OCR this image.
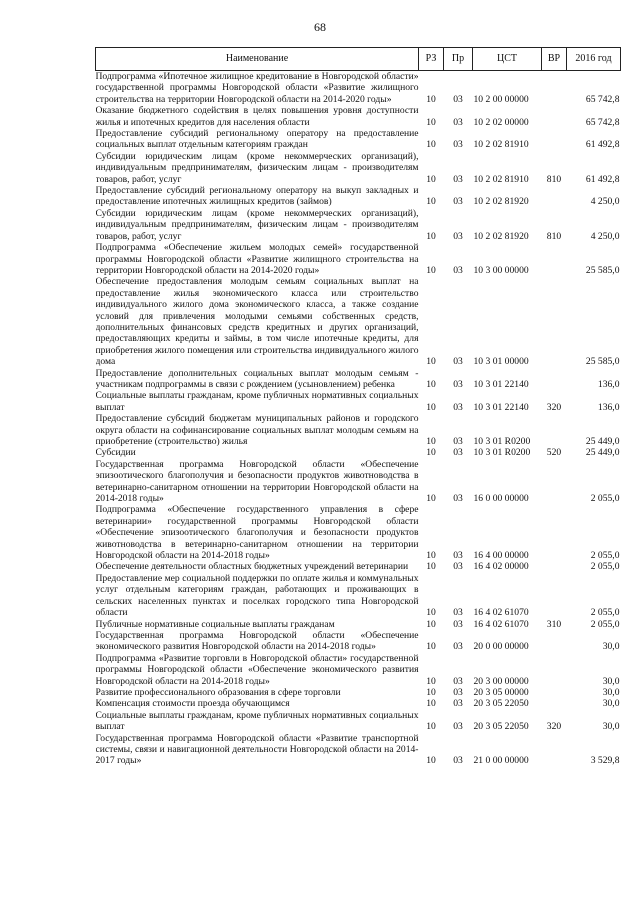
68
Наименование	РЗ	Пр	ЦСТ	ВР	2016 год
Подпрограмма «Ипотечное жилищное кредитование в Новгородской области» государственной программы Новгородской области «Развитие жилищного строительства на территории Новгородской области на 2014-2020 годы»	10	03	10 2 00 00000		65 742,8
Оказание бюджетного содействия в целях повышения уровня доступности жилья и ипотечных кредитов для населения области	10	03	10 2 02 00000		65 742,8
Предоставление субсидий региональному оператору на предоставление социальных выплат отдельным категориям граждан	10	03	10 2 02 81910		61 492,8
Субсидии юридическим лицам (кроме некоммерческих организаций), индивидуальным предпринимателям, физическим лицам - производителям товаров, работ, услуг	10	03	10 2 02 81910	810	61 492,8
Предоставление субсидий региональному оператору на выкуп закладных и предоставление ипотечных жилищных кредитов (займов)	10	03	10 2 02 81920		4 250,0
Субсидии юридическим лицам (кроме некоммерческих организаций), индивидуальным предпринимателям, физическим лицам - производителям товаров, работ, услуг	10	03	10 2 02 81920	810	4 250,0
Подпрограмма «Обеспечение жильем молодых семей» государственной программы Новгородской области «Развитие жилищного строительства на территории Новгородской области на 2014-2020 годы»	10	03	10 3 00 00000		25 585,0
Обеспечение предоставления молодым семьям социальных выплат на предоставление жилья экономического класса или строительство индивидуального жилого дома экономического класса, а также создание условий для привлечения молодыми семьями собственных средств, дополнительных финансовых средств кредитных и других организаций, предоставляющих кредиты и займы, в том числе ипотечные кредиты, для приобретения жилого помещения или строительства индивидуального жилого дома	10	03	10 3 01 00000		25 585,0
Предоставление дополнительных социальных выплат молодым семьям - участникам подпрограммы в связи с рождением (усыновлением) ребенка	10	03	10 3 01 22140		136,0
Социальные выплаты гражданам, кроме публичных нормативных социальных выплат	10	03	10 3 01 22140	320	136,0
Предоставление субсидий бюджетам муниципальных районов и городского округа области на софинансирование социальных выплат молодым семьям на приобретение (строительство) жилья	10	03	10 3 01 R0200		25 449,0
Субсидии	10	03	10 3 01 R0200	520	25 449,0
Государственная программа Новгородской области «Обеспечение эпизоотического благополучия и безопасности продуктов животноводства в ветеринарно-санитарном отношении на территории Новгородской области на 2014-2018 годы»	10	03	16 0 00 00000		2 055,0
Подпрограмма «Обеспечение государственного управления в сфере ветеринарии» государственной программы Новгородской области «Обеспечение эпизоотического благополучия и безопасности продуктов животноводства в ветеринарно-санитарном отношении на территории Новгородской области на 2014-2018 годы»	10	03	16 4 00 00000		2 055,0
Обеспечение деятельности областных бюджетных учреждений ветеринарии	10	03	16 4 02 00000		2 055,0
Предоставление мер социальной поддержки по оплате жилья и коммунальных услуг отдельным категориям граждан, работающих и проживающих в сельских населенных пунктах и поселках городского типа Новгородской области	10	03	16 4 02 61070		2 055,0
Публичные нормативные социальные выплаты гражданам	10	03	16 4 02 61070	310	2 055,0
Государственная программа Новгородской области «Обеспечение экономического развития Новгородской области на 2014-2018 годы»	10	03	20 0 00 00000		30,0
Подпрограмма «Развитие торговли в Новгородской области» государственной программы Новгородской области «Обеспечение экономического развития Новгородской области на 2014-2018 годы»	10	03	20 3 00 00000		30,0
Развитие профессионального образования в сфере торговли	10	03	20 3 05 00000		30,0
Компенсация стоимости проезда обучающимся	10	03	20 3 05 22050		30,0
Социальные выплаты гражданам, кроме публичных нормативных социальных выплат	10	03	20 3 05 22050	320	30,0
Государственная программа Новгородской области «Развитие транспортной системы, связи и навигационной деятельности Новгородской области на 2014-2017 годы»	10	03	21 0 00 00000		3 529,8
